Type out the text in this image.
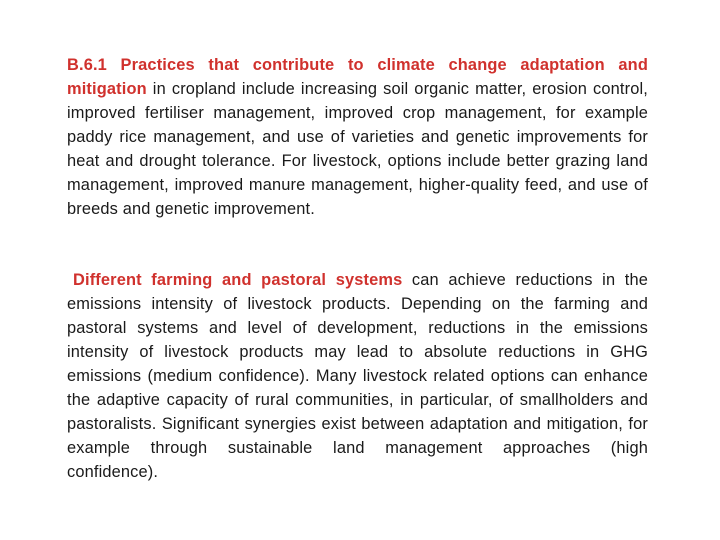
B.6.1 Practices that contribute to climate change adaptation and mitigation in cropland include increasing soil organic matter, erosion control, improved fertiliser management, improved crop management, for example paddy rice management, and use of varieties and genetic improvements for heat and drought tolerance. For livestock, options include better grazing land management, improved manure management, higher-quality feed, and use of breeds and genetic improvement.

Different farming and pastoral systems can achieve reductions in the emissions intensity of livestock products. Depending on the farming and pastoral systems and level of development, reductions in the emissions intensity of livestock products may lead to absolute reductions in GHG emissions (medium confidence). Many livestock related options can enhance the adaptive capacity of rural communities, in particular, of smallholders and pastoralists. Significant synergies exist between adaptation and mitigation, for example through sustainable land management approaches (high confidence).
